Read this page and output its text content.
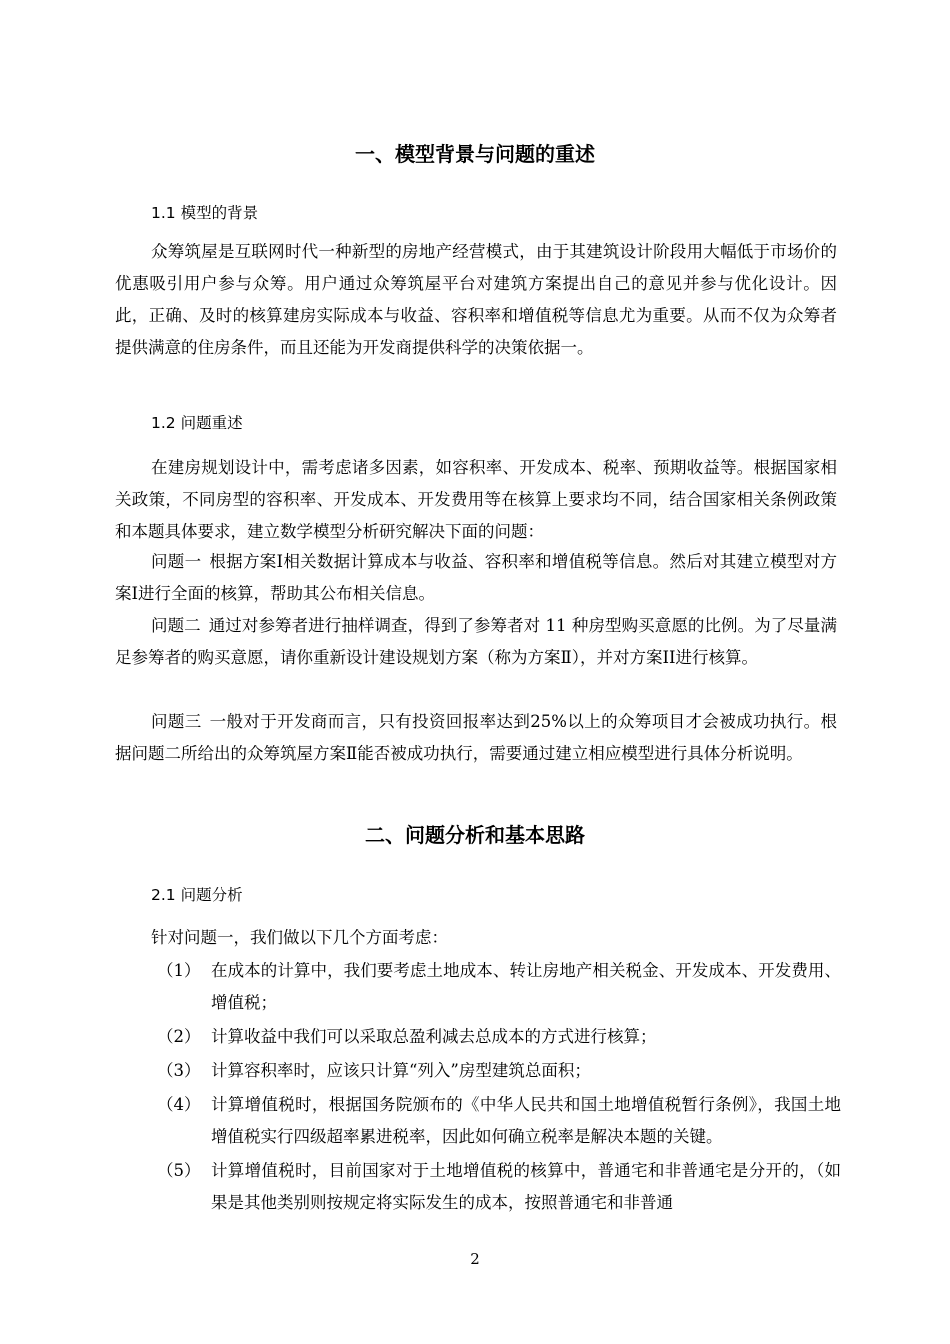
一、模型背景与问题的重述
1.1 模型的背景

众筹筑屋是互联网时代一种新型的房地产经营模式，由于其建筑设计阶段用大幅低于市场价的优惠吸引用户参与众筹。用户通过众筹筑屋平台对建筑方案提出自己的意见并参与优化设计。因此，正确、及时的核算建房实际成本与收益、容积率和增值税等信息尤为重要。从而不仅为众筹者提供满意的住房条件，而且还能为开发商提供科学的决策依据一。

1.2 问题重述

在建房规划设计中，需考虑诸多因素，如容积率、开发成本、税率、预期收益等。根据国家相关政策，不同房型的容积率、开发成本、开发费用等在核算上要求均不同，结合国家相关条例政策和本题具体要求，建立数学模型分析研究解决下面的问题：

问题一 根据方案Ⅰ相关数据计算成本与收益、容积率和增值税等信息。然后对其建立模型对方案Ⅰ进行全面的核算，帮助其公布相关信息。

问题二 通过对参筹者进行抽样调查，得到了参筹者对 11 种房型购买意愿的比例。为了尽量满足参筹者的购买意愿，请你重新设计建设规划方案（称为方案Ⅱ），并对方案II进行核算。

问题三 一般对于开发商而言，只有投资回报率达到25%以上的众筹项目才会被成功执行。根据问题二所给出的众筹筑屋方案Ⅱ能否被成功执行，需要通过建立相应模型进行具体分析说明。

二、问题分析和基本思路
2.1 问题分析

针对问题一，我们做以下几个方面考虑：

（1） 在成本的计算中，我们要考虑土地成本、转让房地产相关税金、开发成本、开发费用、增值税；
（2） 计算收益中我们可以采取总盈利减去总成本的方式进行核算；
（3） 计算容积率时，应该只计算“列入”房型建筑总面积；
（4） 计算增值税时，根据国务院颁布的《中华人民共和国土地增值税暂行条例》，我国土地增值税实行四级超率累进税率，因此如何确立税率是解决本题的关键。
（5） 计算增值税时，目前国家对于土地增值税的核算中，普通宅和非普通宅是分开的，（如果是其他类别则按规定将实际发生的成本，按照普通宅和非普通
2
